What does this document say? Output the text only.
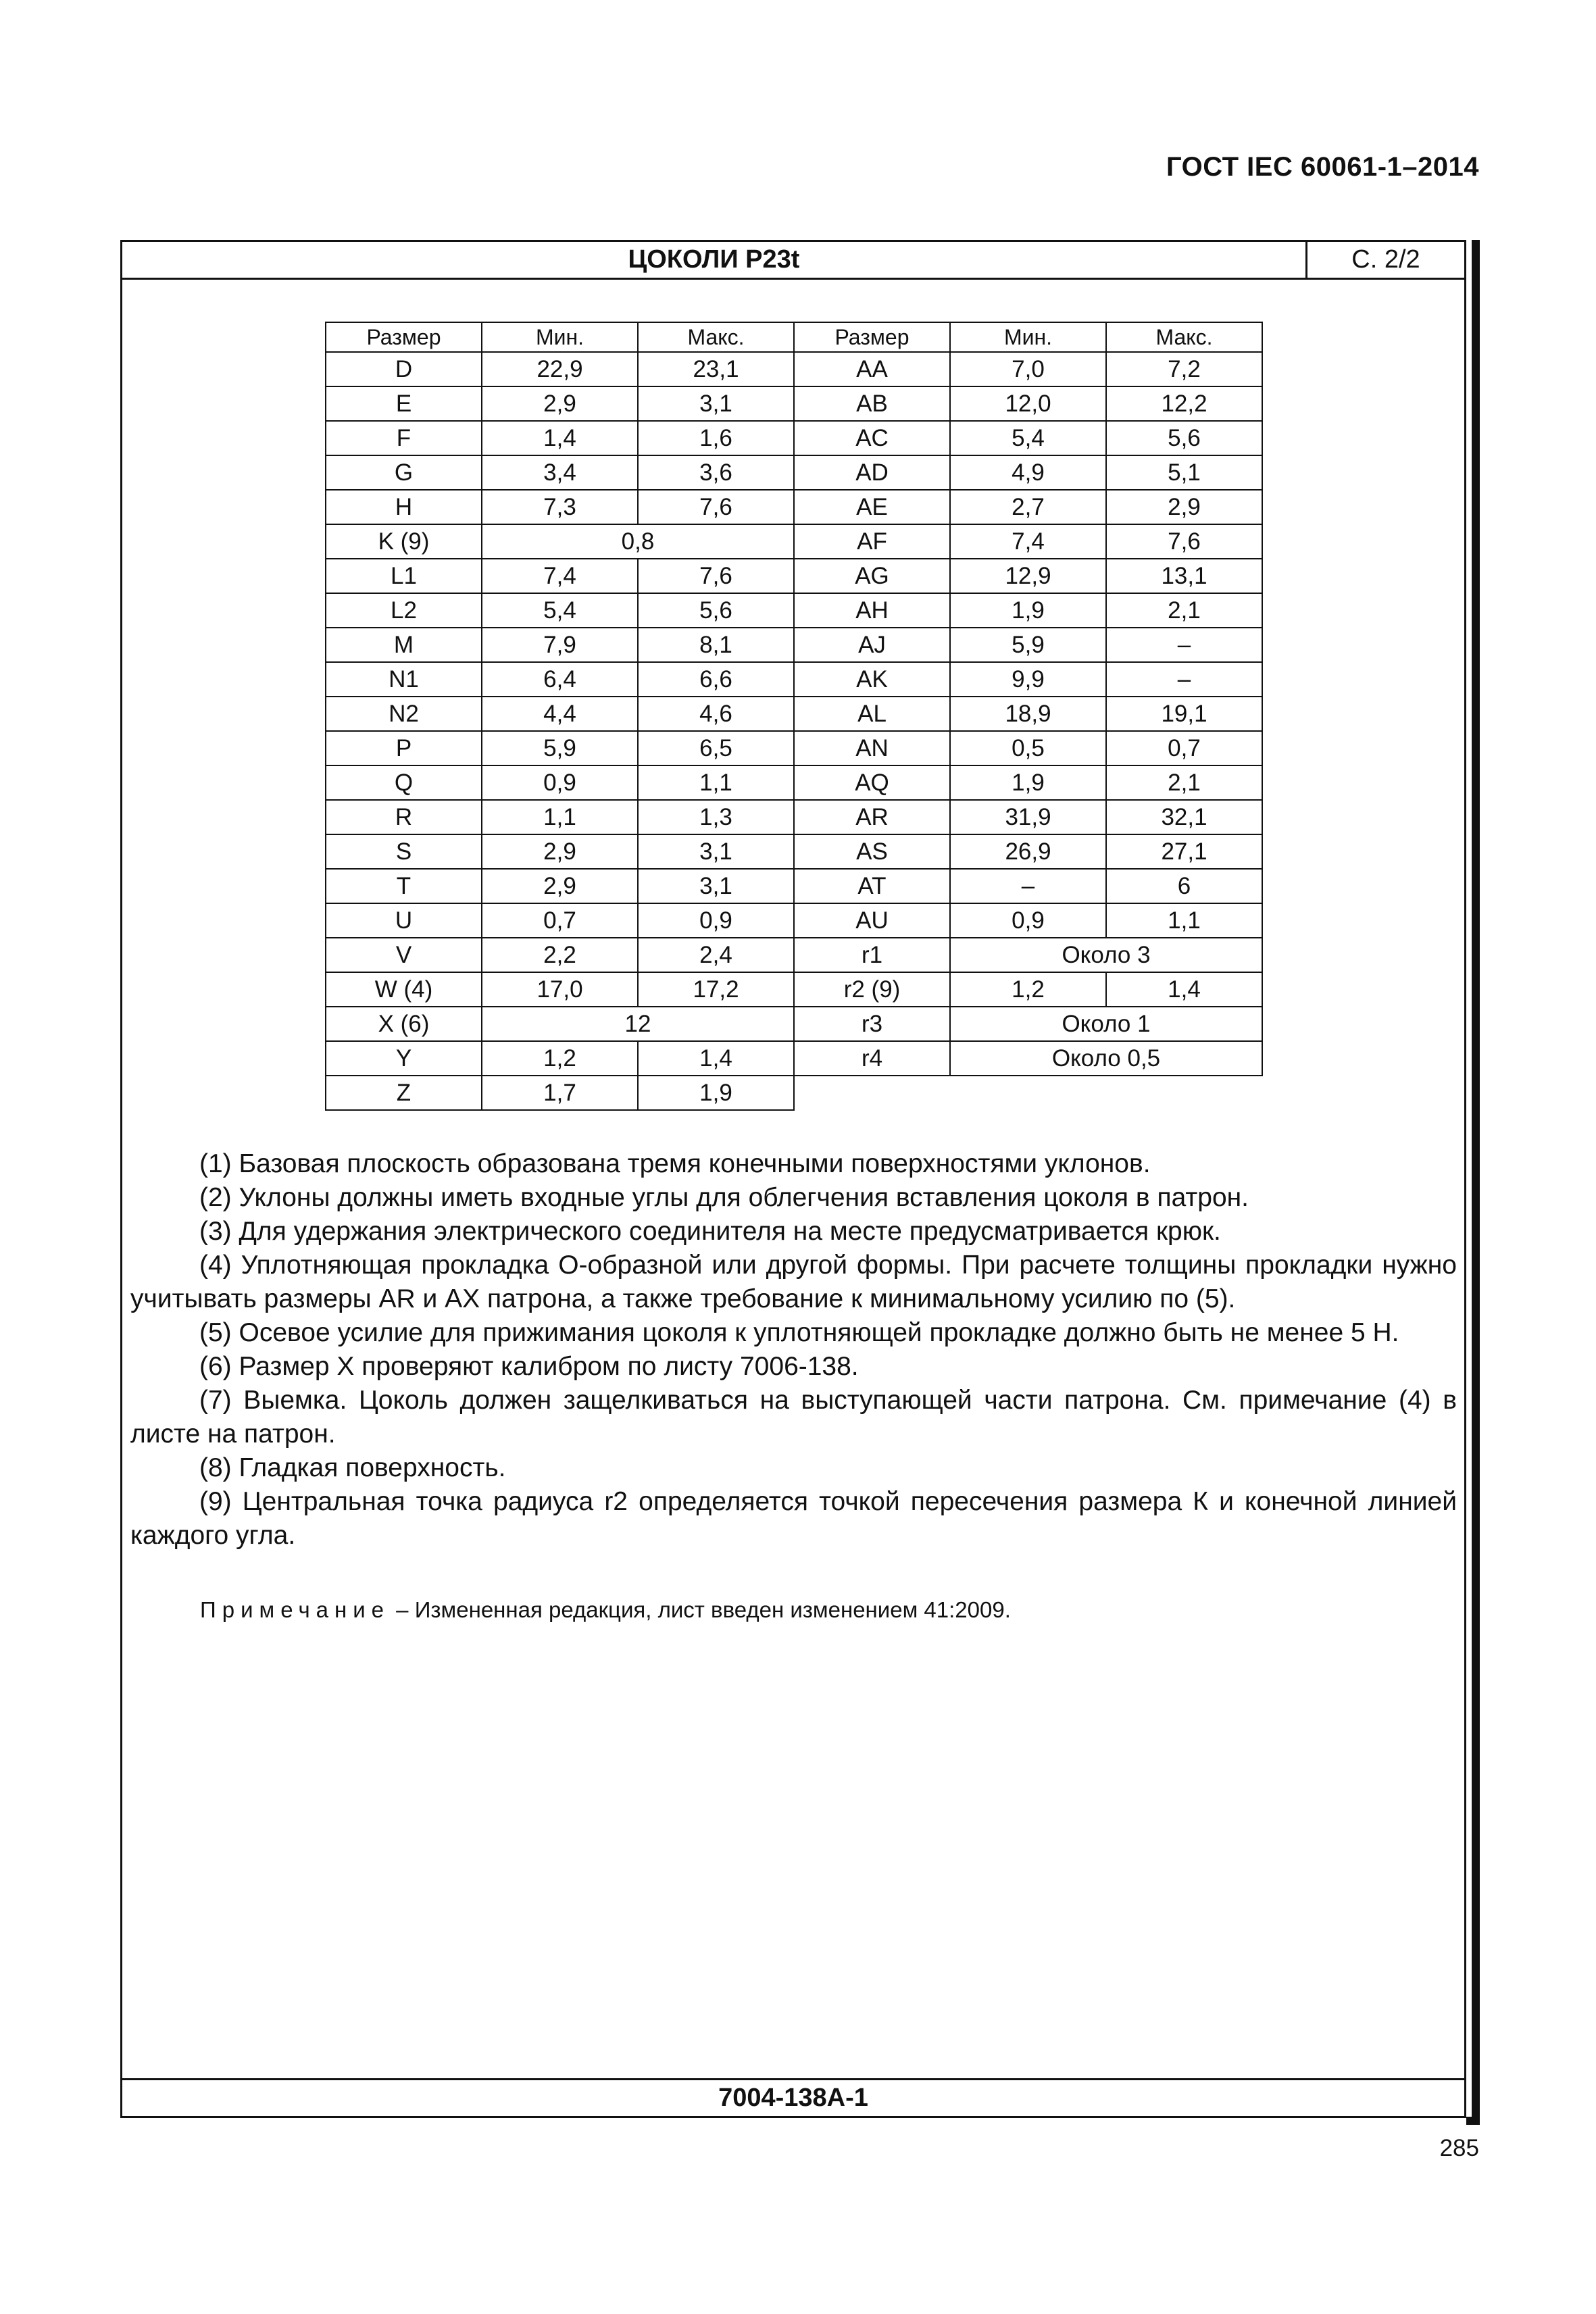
ГОСТ IEC 60061-1–2014
ЦОКОЛИ P23t	С. 2/2
Размер	Мин.	Макс.	Размер	Мин.	Макс.
D	22,9	23,1	AA	7,0	7,2
E	2,9	3,1	AB	12,0	12,2
F	1,4	1,6	AC	5,4	5,6
G	3,4	3,6	AD	4,9	5,1
H	7,3	7,6	AE	2,7	2,9
K (9)	0,8		AF	7,4	7,6
L1	7,4	7,6	AG	12,9	13,1
L2	5,4	5,6	AH	1,9	2,1
M	7,9	8,1	AJ	5,9	–
N1	6,4	6,6	AK	9,9	–
N2	4,4	4,6	AL	18,9	19,1
P	5,9	6,5	AN	0,5	0,7
Q	0,9	1,1	AQ	1,9	2,1
R	1,1	1,3	AR	31,9	32,1
S	2,9	3,1	AS	26,9	27,1
T	2,9	3,1	AT	–	6
U	0,7	0,9	AU	0,9	1,1
V	2,2	2,4	r1	Около 3	
W (4)	17,0	17,2	r2 (9)	1,2	1,4
X (6)	12		r3	Около 1	
Y	1,2	1,4	r4	Около 0,5	
Z	1,7	1,9			

(1) Базовая плоскость образована тремя конечными поверхностями уклонов.

(2) Уклоны должны иметь входные углы для облегчения вставления цоколя в патрон.

(3) Для удержания электрического соединителя на месте предусматривается крюк.

(4) Уплотняющая прокладка О-образной или другой формы. При расчете толщины прокладки нужно учитывать размеры AR и AX патрона, а также требование к минимальному усилию по (5).

(5) Осевое усилие для прижимания цоколя к уплотняющей прокладке должно быть не менее 5 Н.

(6) Размер X проверяют калибром по листу 7006-138.

(7) Выемка. Цоколь должен защелкиваться на выступающей части патрона. См. примечание (4) в листе на патрон.

(8) Гладкая поверхность.

(9) Центральная точка радиуса r2 определяется точкой пересечения размера К и конечной линией каждого угла.

Примечание – Измененная редакция, лист введен изменением 41:2009.
7004-138A-1
285
